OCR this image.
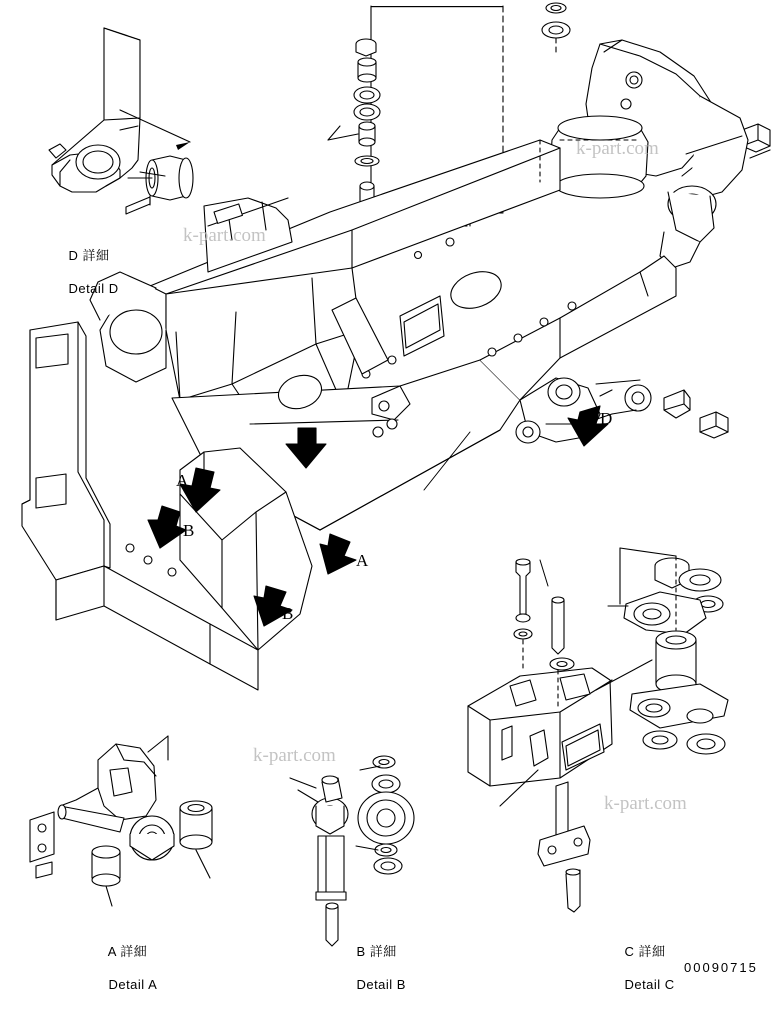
k-part.com
k-part.com
k-part.com
k-part.com
A
A
B
B
D

D 詳細

Detail D

A 詳細

Detail A

B 詳細

Detail B

C 詳細

Detail C

00090715
